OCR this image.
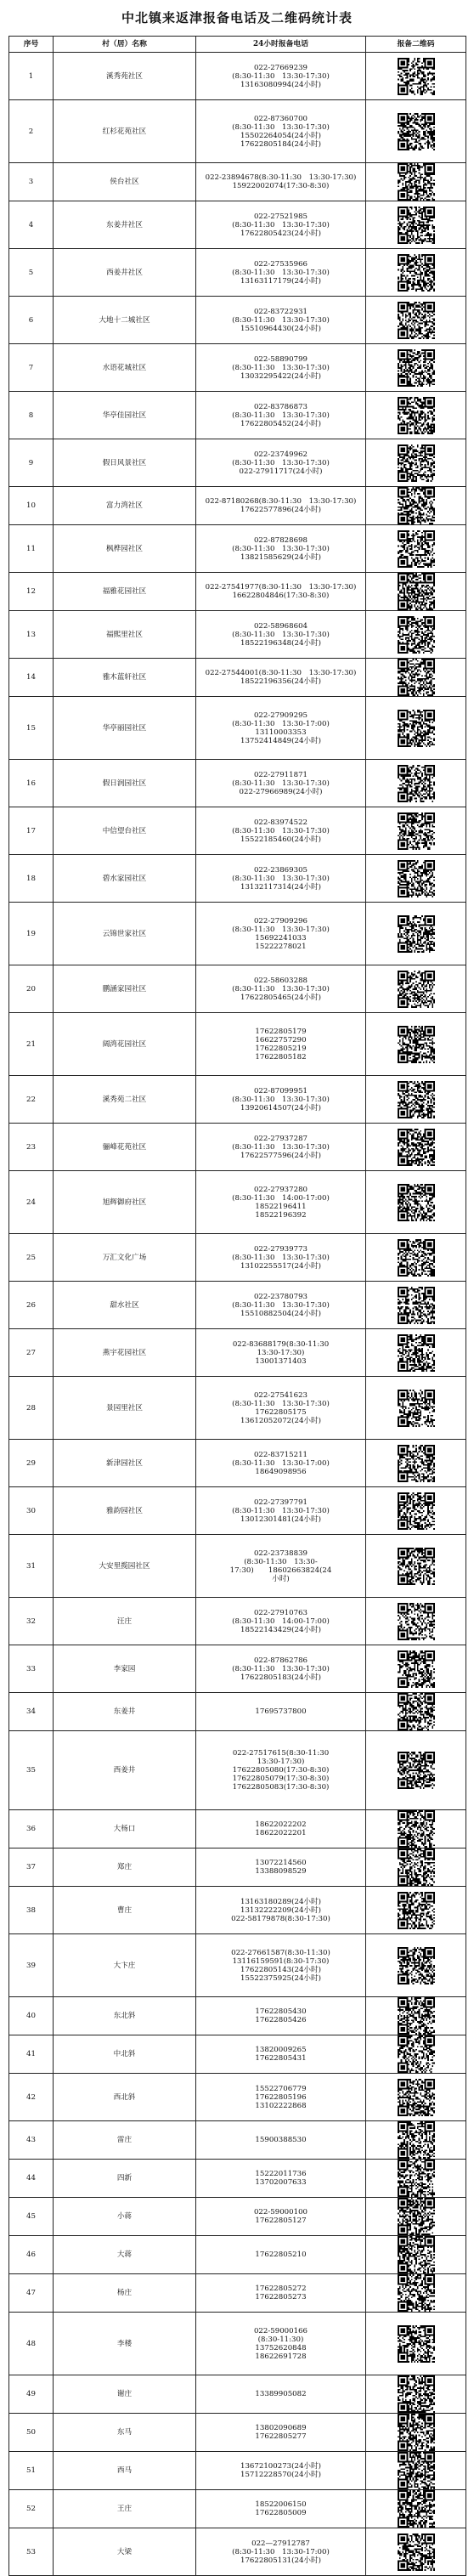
中北镇来返津报备电话及二维码统计表
序号	村（居）名称	24小时报备电话	报备二维码
1	溪秀苑社区	022-27669239
(8:30-11:30　13:30-17:30)
13163080994(24小时)

2	红杉花苑社区	022-87360700
(8:30-11:30　13:30-17:30)
15502264054(24小时)
17622805184(24小时)

3	侯台社区	022-23894678(8:30-11:30　13:30-17:30)
15922002074(17:30-8:30)

4	东姜井社区	022-27521985
(8:30-11:30　13:30-17:30)
17622805423(24小时)

5	西姜井社区	022-27535966
(8:30-11:30　13:30-17:30)
13163117179(24小时)

6	大地十二城社区	022-83722931
(8:30-11:30　13:30-17:30)
15510964430(24小时)

7	水语花城社区	022-58890799
(8:30-11:30　13:30-17:30)
13032295422(24小时)

8	华亭佳园社区	022-83786873
(8:30-11:30　13:30-17:30)
17622805452(24小时)

9	假日风景社区	022-23749962
(8:30-11:30　13:30-17:30)
022-27911717(24小时)

10	富力湾社区	022-87180268(8:30-11:30　13:30-17:30)
17622577896(24小时)

11	枫桦园社区	022-87828698
(8:30-11:30　13:30-17:30)
13821585629(24小时)

12	福雅花园社区	022-27541977(8:30-11:30　13:30-17:30)
16622804846(17:30-8:30)

13	福熙里社区	022-58968604
(8:30-11:30　13:30-17:30)
18522196348(24小时)

14	雅木蓝轩社区	022-27544001(8:30-11:30　13:30-17:30)
18522196356(24小时)

15	华亭丽园社区	022-27909295
(8:30-11:30　13:30-17:00)
13110003353
13752414849(24小时)

16	假日润园社区	022-27911871
(8:30-11:30　13:30-17:30)
022-27966989(24小时)

17	中信望台社区	022-83974522
(8:30-11:30　13:30-17:30)
15522185460(24小时)

18	碧水家园社区	022-23869305
(8:30-11:30　13:30-17:30)
13132117314(24小时)

19	云锦世家社区	022-27909296
(8:30-11:30　13:30-17:30)
15692241033
15222278021

20	鹏涵家园社区	022-58603288
(8:30-11:30　13:30-17:30)
17622805465(24小时)

21	阔湾花园社区	17622805179
16622757290
17622805219
17622805182

22	溪秀苑二社区	022-87099951
(8:30-11:30　13:30-17:30)
13920614507(24小时)

23	骊峰花苑社区	022-27937287
(8:30-11:30　13:30-17:30)
17622577596(24小时)

24	旭辉御府社区	022-27937280
(8:30-11:30　14:00-17:00)
18522196411
18522196392

25	万汇文化广场	022-27939773
(8:30-11:30　13:30-17:30)
13102255517(24小时)

26	甜水社区	022-23780793
(8:30-11:30　13:30-17:30)
15510882504(24小时)

27	燕宇花园社区	022-83688179(8:30-11:30
13:30-17:30)
13001371403

28	景园里社区	022-27541623
(8:30-11:30　13:30-17:30)
17622805175
13612052072(24小时)

29	新津园社区	022-83715211
(8:30-11:30　13:30-17:00)
18649098956

30	雅韵园社区	022-27397791
(8:30-11:30　13:30-17:30)
13012301481(24小时)

31	大安里揽园社区	022-23738839
(8:30-11:30　13:30-
17:30)　　18602663824(24
小时)

32	汪庄	022-27910763
(8:30-11:30　14:00-17:00)
18522143429(24小时)

33	李家园	022-87862786
(8:30-11:30　13:30-17:30)
17622805183(24小时)

34	东姜井	17695737800

35	西姜井	022-27517615(8:30-11:30
13:30-17:30)
17622805080(17:30-8:30)
17622805079(17:30-8:30)
17622805083(17:30-8:30)

36	大杨口	18622022202
18622022201

37	郑庄	13072214560
13388098529

38	曹庄	13163180289(24小时)
13132222209(24小时)
022-58179878(8:30-17:30)

39	大卞庄	022-27661587(8:30-11:30)
13116159591(8:30-17:30)
17622805143(24小时)
15522375925(24小时)

40	东北斜	17622805430
17622805426

41	中北斜	13820009265
17622805431

42	西北斜	15522706779
17622805196
13102222868

43	雷庄	15900388530

44	四新	15222011736
13702007633

45	小蒋	022-59000100
17622805127

46	大蒋	17622805210

47	杨庄	17622805272
17622805273

48	李楼	022-59000166
(8:30-11:30)
13752620848
18622691728

49	谢庄	13389905082

50	东马	13802090689
17622805277

51	西马	13672100273(24小时)
15712228570(24小时)

52	王庄	18522006150
17622805009

53	大梁	022—27912787
(8:30-11:30　13:30-17:00)
17622805131(24小时)
